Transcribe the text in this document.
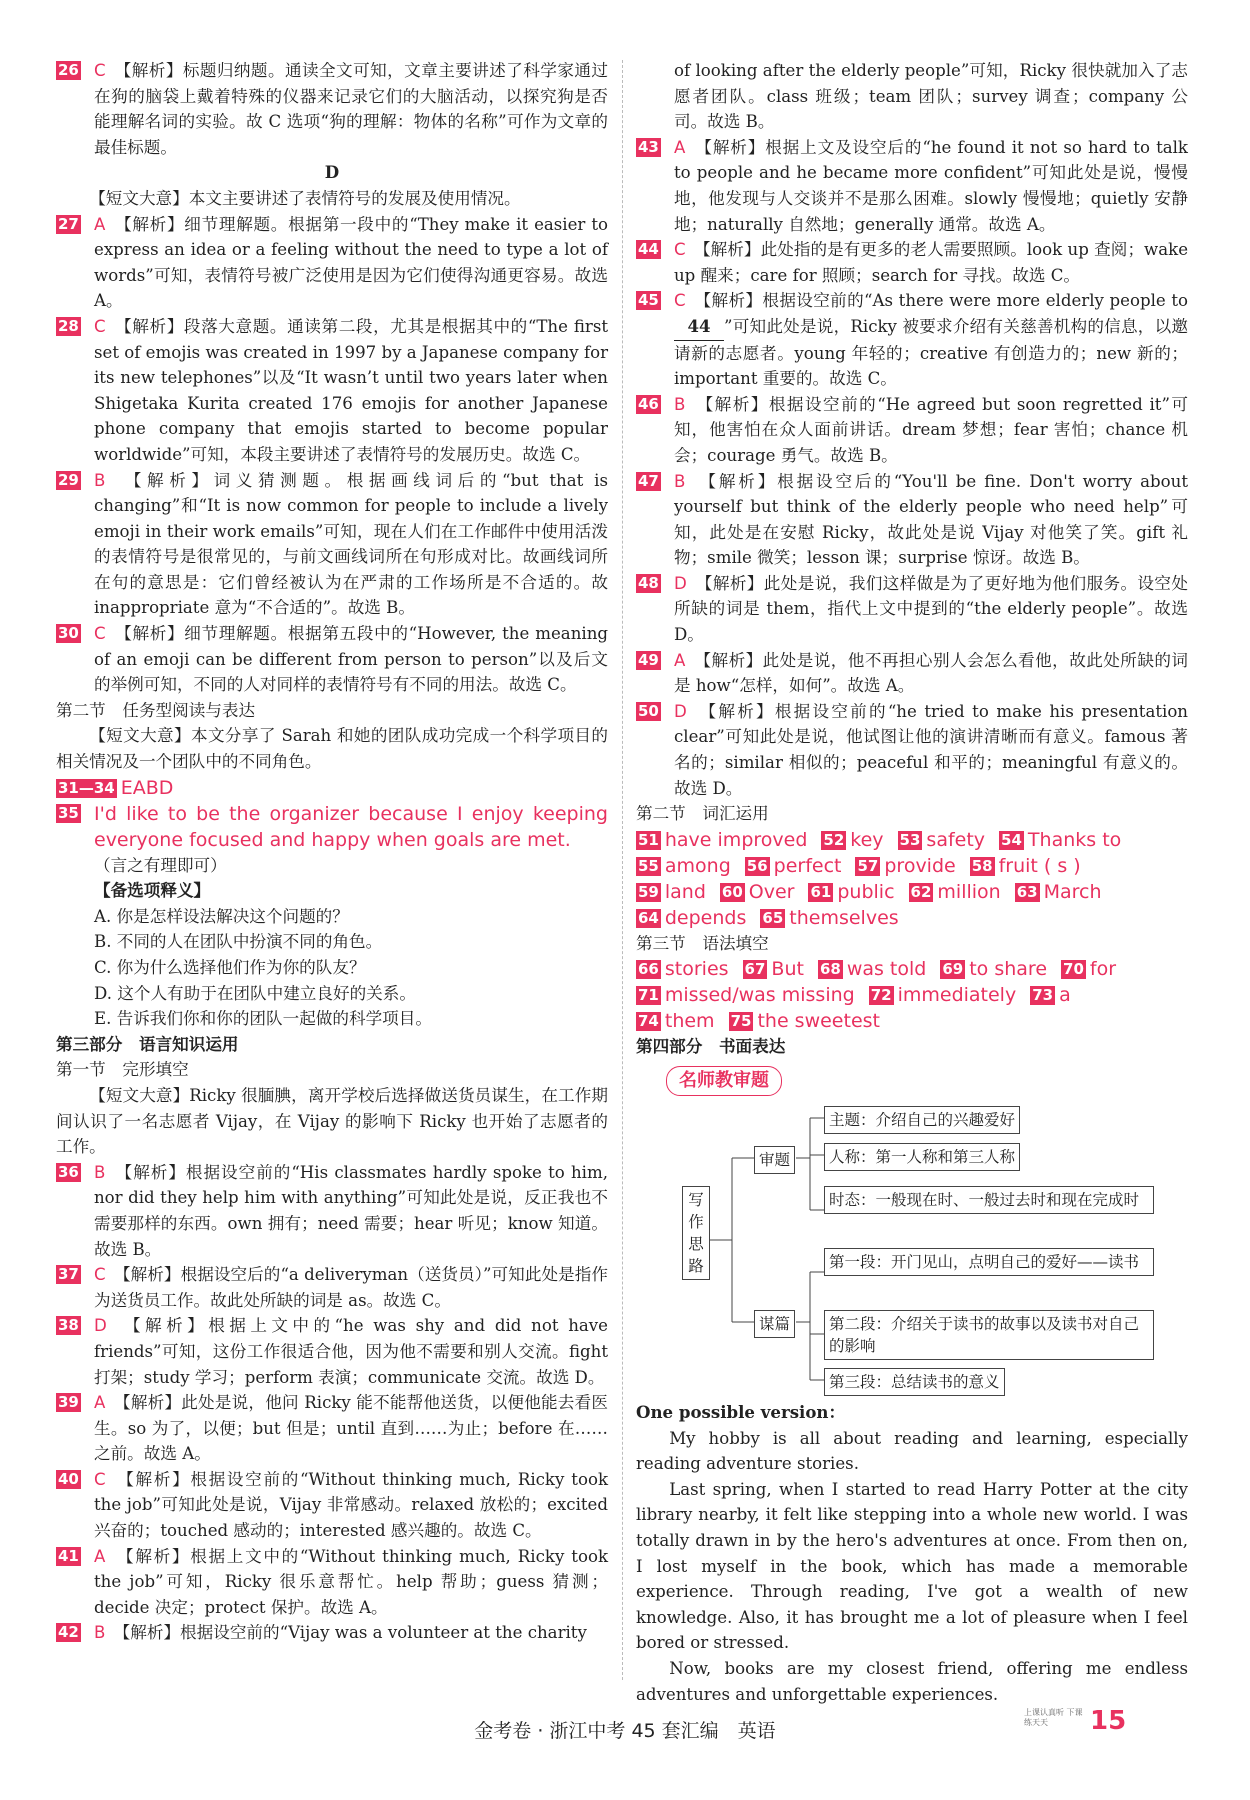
26 C　 【解析】标题归纳题。通读全文可知，文章主要讲述了科学家通过在狗的脑袋上戴着特殊的仪器来记录它们的大脑活动，以探究狗是否能理解名词的实验。故 C 选项“狗的理解：物体的名称”可作为文章的最佳标题。

D

【短文大意】本文主要讲述了表情符号的发展及使用情况。

27 A　 【解析】细节理解题。根据第一段中的“They make it easier to express an idea or a feeling without the need to type a lot of words”可知，表情符号被广泛使用是因为它们使得沟通更容易。故选 A。

28 C　 【解析】段落大意题。通读第二段，尤其是根据其中的“The first set of emojis was created in 1997 by a Japanese company for its new telephones”以及“It wasn’t until two years later when Shigetaka Kurita created 176 emojis for another Japanese phone company that emojis started to become popular worldwide”可知，本段主要讲述了表情符号的发展历史。故选 C。

29 B　 【解析】词义猜测题。根据画线词后的“but that is changing”和“It is now common for people to include a lively emoji in their work emails”可知，现在人们在工作邮件中使用活泼的表情符号是很常见的，与前文画线词所在句形成对比。故画线词所在句的意思是：它们曾经被认为在严肃的工作场所是不合适的。故 inappropriate 意为“不合适的”。故选 B。

30 C　 【解析】细节理解题。根据第五段中的“However, the meaning of an emoji can be different from person to person”以及后文的举例可知，不同的人对同样的表情符号有不同的用法。故选 C。

第二节　任务型阅读与表达

【短文大意】本文分享了 Sarah 和她的团队成功完成一个科学项目的相关情况及一个团队中的不同角色。

31—34 EABD

35 I'd like to be the organizer because I enjoy keeping everyone focused and happy when goals are met.

（言之有理即可）

【备选项释义】

A. 你是怎样设法解决这个问题的？

B. 不同的人在团队中扮演不同的角色。

C. 你为什么选择他们作为你的队友？

D. 这个人有助于在团队中建立良好的关系。

E. 告诉我们你和你的团队一起做的科学项目。

第三部分　语言知识运用

第一节　完形填空

【短文大意】Ricky 很腼腆，离开学校后选择做送货员谋生，在工作期间认识了一名志愿者 Vijay，在 Vijay 的影响下 Ricky 也开始了志愿者的工作。

36 B　 【解析】根据设空前的“His classmates hardly spoke to him, nor did they help him with anything”可知此处是说，反正我也不需要那样的东西。own 拥有；need 需要；hear 听见；know 知道。故选 B。

37 C　 【解析】根据设空后的“a deliveryman（送货员）”可知此处是指作为送货员工作。故此处所缺的词是 as。故选 C。

38 D　 【解析】根据上文中的“he was shy and did not have friends”可知，这份工作很适合他，因为他不需要和别人交流。fight 打架；study 学习；perform 表演；communicate 交流。故选 D。

39 A　 【解析】此处是说，他问 Ricky 能不能帮他送货，以便他能去看医生。so 为了，以便；but 但是；until 直到……为止；before 在……之前。故选 A。

40 C　 【解析】根据设空前的“Without thinking much, Ricky took the job”可知此处是说，Vijay 非常感动。relaxed 放松的；excited 兴奋的；touched 感动的；interested 感兴趣的。故选 C。

41 A　 【解析】根据上文中的“Without thinking much, Ricky took the job”可知，Ricky 很乐意帮忙。help 帮助；guess 猜测；decide 决定；protect 保护。故选 A。

42 B　 【解析】根据设空前的“Vijay was a volunteer at the charity

of looking after the elderly people”可知，Ricky 很快就加入了志愿者团队。class 班级；team 团队；survey 调查；company 公司。故选 B。

43 A　 【解析】根据上文及设空后的“he found it not so hard to talk to people and he became more confident”可知此处是说，慢慢地，他发现与人交谈并不是那么困难。slowly 慢慢地；quietly 安静地；naturally 自然地；generally 通常。故选 A。

44 C　 【解析】此处指的是有更多的老人需要照顾。look up 查阅；wake up 醒来；care for 照顾；search for 寻找。故选 C。

45 C　 【解析】根据设空前的“As there were more elderly people to 44 ”可知此处是说，Ricky 被要求介绍有关慈善机构的信息，以邀请新的志愿者。young 年轻的；creative 有创造力的；new 新的；important 重要的。故选 C。

46 B　 【解析】根据设空前的“He agreed but soon regretted it”可知，他害怕在众人面前讲话。dream 梦想；fear 害怕；chance 机会；courage 勇气。故选 B。

47 B　 【解析】根据设空后的“You'll be fine. Don't worry about yourself but think of the elderly people who need help”可知，此处是在安慰 Ricky，故此处是说 Vijay 对他笑了笑。gift 礼物；smile 微笑；lesson 课；surprise 惊讶。故选 B。

48 D　 【解析】此处是说，我们这样做是为了更好地为他们服务。设空处所缺的词是 them，指代上文中提到的“the elderly people”。故选 D。

49 A　 【解析】此处是说，他不再担心别人会怎么看他，故此处所缺的词是 how“怎样，如何”。故选 A。

50 D　 【解析】根据设空前的“he tried to make his presentation clear”可知此处是说，他试图让他的演讲清晰而有意义。famous 著名的；similar 相似的；peaceful 和平的；meaningful 有意义的。故选 D。

第二节　词汇运用

51 have improved 52 key 53 safety 54 Thanks to
55 among 56 perfect 57 provide 58 fruit ( s )
59 land 60 Over 61 public 62 million 63 March
64 depends 65 themselves

第三节　语法填空

66 stories 67 But 68 was told 69 to share 70 for
71 missed/was missing 72 immediately 73 a
74 them 75 the sweetest

第四部分　书面表达

名师教审题
写作思路
审题
谋篇
主题：介绍自己的兴趣爱好
人称：第一人称和第三人称
时态：一般现在时、一般过去时和现在完成时
第一段：开门见山，点明自己的爱好——读书
第二段：介绍关于读书的故事以及读书对自己的影响
第三段：总结读书的意义

One possible version：

My hobby is all about reading and learning, especially reading adventure stories.

Last spring, when I started to read Harry Potter at the city library nearby, it felt like stepping into a whole new world. I was totally drawn in by the hero's adventures at once. From then on, I lost myself in the book, which has made a memorable experience. Through reading, I've got a wealth of new knowledge. Also, it has brought me a lot of pleasure when I feel bored or stressed.

Now, books are my closest friend, offering me endless adventures and unforgettable experiences.

金考卷 · 浙江中考 45 套汇编　英语
上课认真听 下课练天天	15
